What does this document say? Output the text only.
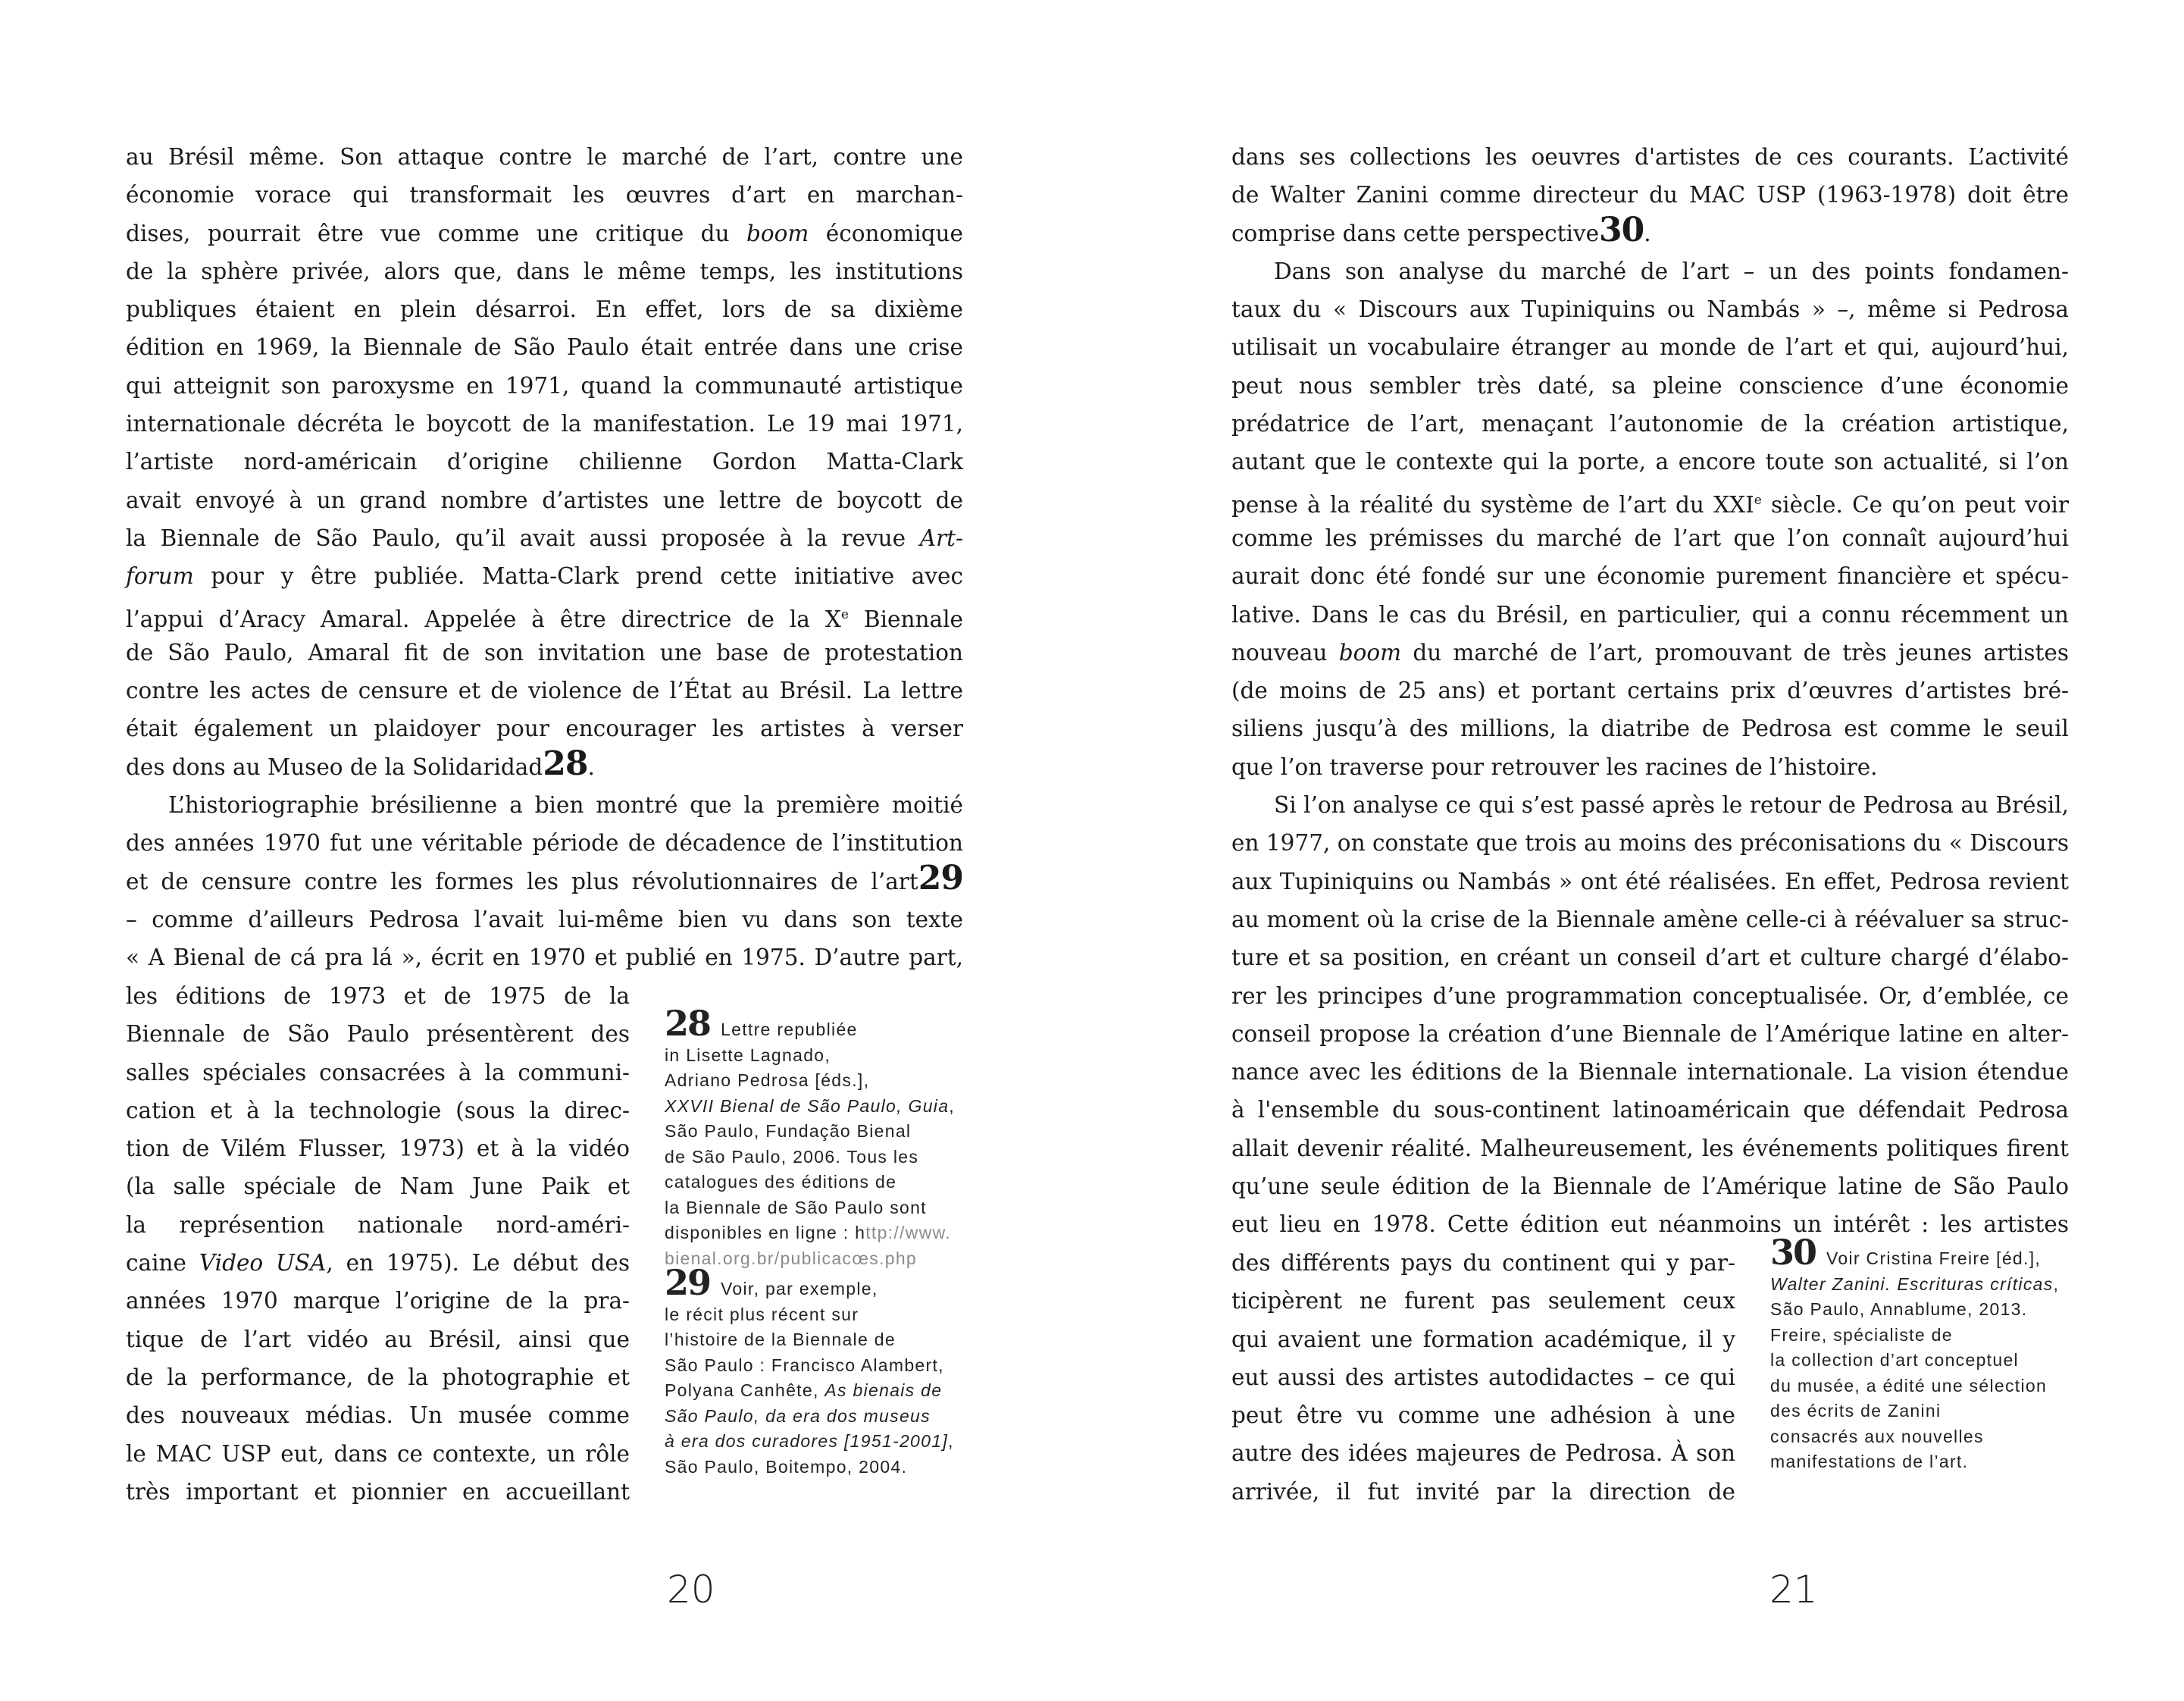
au Brésil même. Son attaque contre le marché de l’art, contre une
économie vorace qui transformait les œuvres d’art en marchan-
dises, pourrait être vue comme une critique du boom économique
de la sphère privée, alors que, dans le même temps, les institutions
publiques étaient en plein désarroi. En effet, lors de sa dixième
édition en 1969, la Biennale de São Paulo était entrée dans une crise
qui atteignit son paroxysme en 1971, quand la communauté artistique
internationale décréta le boycott de la manifestation. Le 19 mai 1971,
l’artiste nord-américain d’origine chilienne Gordon Matta-Clark
avait envoyé à un grand nombre d’artistes une lettre de boycott de
la Biennale de São Paulo, qu’il avait aussi proposée à la revue Art-
forum pour y être publiée. Matta-Clark prend cette initiative avec
l’appui d’Aracy Amaral. Appelée à être directrice de la Xe Biennale
de São Paulo, Amaral fit de son invitation une base de protestation
contre les actes de censure et de violence de l’État au Brésil. La lettre
était également un plaidoyer pour encourager les artistes à verser
des dons au Museo de la Solidaridad28.
L’historiographie brésilienne a bien montré que la première moitié
des années 1970 fut une véritable période de décadence de l’institution
et de censure contre les formes les plus révolutionnaires de l’art29
– comme d’ailleurs Pedrosa l’avait lui-même bien vu dans son texte
« A Bienal de cá pra lá », écrit en 1970 et publié en 1975. D’autre part,
les éditions de 1973 et de 1975 de la
Biennale de São Paulo présentèrent des
salles spéciales consacrées à la communi-
cation et à la technologie (sous la direc-
tion de Vilém Flusser, 1973) et à la vidéo
(la salle spéciale de Nam June Paik et
la représention nationale nord-améri-
caine Video USA, en 1975). Le début des
années 1970 marque l’origine de la pra-
tique de l’art vidéo au Brésil, ainsi que
de la performance, de la photographie et
des nouveaux médias. Un musée comme
le MAC USP eut, dans ce contexte, un rôle
très important et pionnier en accueillant
28 Lettre republiée
in Lisette Lagnado,
Adriano Pedrosa [éds.],
XXVII Bienal de São Paulo, Guia,
São Paulo, Fundação Bienal
de São Paulo, 2006. Tous les
catalogues des éditions de
la Biennale de São Paulo sont
disponibles en ligne : http://www.
bienal.org.br/publicacœs.php
29 Voir, par exemple,
le récit plus récent sur
l’histoire de la Biennale de
São Paulo : Francisco Alambert,
Polyana Canhête, As bienais de
São Paulo, da era dos museus
à era dos curadores [1951-2001],
São Paulo, Boitempo, 2004.
20
dans ses collections les oeuvres d'artistes de ces courants. L’activité
de Walter Zanini comme directeur du MAC USP (1963-1978) doit être
comprise dans cette perspective30.
Dans son analyse du marché de l’art – un des points fondamen-
taux du « Discours aux Tupiniquins ou Nambás » –, même si Pedrosa
utilisait un vocabulaire étranger au monde de l’art et qui, aujourd’hui,
peut nous sembler très daté, sa pleine conscience d’une économie
prédatrice de l’art, menaçant l’autonomie de la création artistique,
autant que le contexte qui la porte, a encore toute son actualité, si l’on
pense à la réalité du système de l’art du XXIe siècle. Ce qu’on peut voir
comme les prémisses du marché de l’art que l’on connaît aujourd’hui
aurait donc été fondé sur une économie purement financière et spécu-
lative. Dans le cas du Brésil, en particulier, qui a connu récemment un
nouveau boom du marché de l’art, promouvant de très jeunes artistes
(de moins de 25 ans) et portant certains prix d’œuvres d’artistes bré-
siliens jusqu’à des millions, la diatribe de Pedrosa est comme le seuil
que l’on traverse pour retrouver les racines de l’histoire.
Si l’on analyse ce qui s’est passé après le retour de Pedrosa au Brésil,
en 1977, on constate que trois au moins des préconisations du « Discours
aux Tupiniquins ou Nambás » ont été réalisées. En effet, Pedrosa revient
au moment où la crise de la Biennale amène celle-ci à réévaluer sa struc-
ture et sa position, en créant un conseil d’art et culture chargé d’élabo-
rer les principes d’une programmation conceptualisée. Or, d’emblée, ce
conseil propose la création d’une Biennale de l’Amérique latine en alter-
nance avec les éditions de la Biennale internationale. La vision étendue
à l'ensemble du sous-continent latinoaméricain que défendait Pedrosa
allait devenir réalité. Malheureusement, les événements politiques firent
qu’une seule édition de la Biennale de l’Amérique latine de São Paulo
eut lieu en 1978. Cette édition eut néanmoins un intérêt : les artistes
des différents pays du continent qui y par-
ticipèrent ne furent pas seulement ceux
qui avaient une formation académique, il y
eut aussi des artistes autodidactes – ce qui
peut être vu comme une adhésion à une
autre des idées majeures de Pedrosa. À son
arrivée, il fut invité par la direction de
30 Voir Cristina Freire [éd.],
Walter Zanini. Escrituras críticas,
São Paulo, Annablume, 2013.
Freire, spécialiste de
la collection d’art conceptuel
du musée, a édité une sélection
des écrits de Zanini
consacrés aux nouvelles
manifestations de l’art.
21
